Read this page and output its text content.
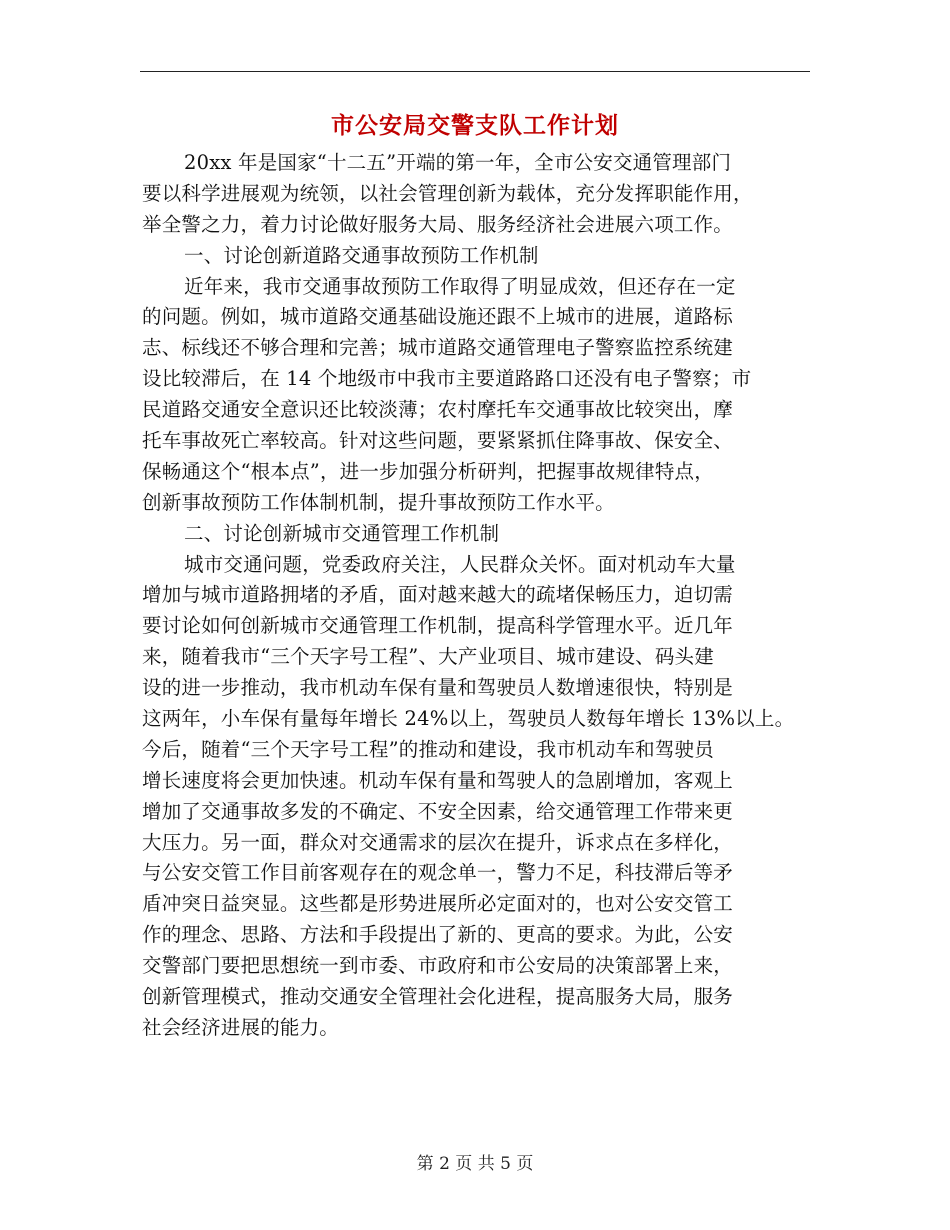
市公安局交警支队工作计划
20xx 年是国家“十二五”开端的第一年，全市公安交通管理部门
要以科学进展观为统领，以社会管理创新为载体，充分发挥职能作用，
举全警之力，着力讨论做好服务大局、服务经济社会进展六项工作。
一、讨论创新道路交通事故预防工作机制
近年来，我市交通事故预防工作取得了明显成效，但还存在一定
的问题。例如，城市道路交通基础设施还跟不上城市的进展，道路标
志、标线还不够合理和完善；城市道路交通管理电子警察监控系统建
设比较滞后，在 14 个地级市中我市主要道路路口还没有电子警察；市
民道路交通安全意识还比较淡薄；农村摩托车交通事故比较突出，摩
托车事故死亡率较高。针对这些问题，要紧紧抓住降事故、保安全、
保畅通这个“根本点”，进一步加强分析研判，把握事故规律特点，
创新事故预防工作体制机制，提升事故预防工作水平。
二、讨论创新城市交通管理工作机制
城市交通问题，党委政府关注，人民群众关怀。面对机动车大量
增加与城市道路拥堵的矛盾，面对越来越大的疏堵保畅压力，迫切需
要讨论如何创新城市交通管理工作机制，提高科学管理水平。近几年
来，随着我市“三个天字号工程”、大产业项目、城市建设、码头建
设的进一步推动，我市机动车保有量和驾驶员人数增速很快，特别是
这两年，小车保有量每年增长 24%以上，驾驶员人数每年增长 13%以上。
今后，随着“三个天字号工程”的推动和建设，我市机动车和驾驶员
增长速度将会更加快速。机动车保有量和驾驶人的急剧增加，客观上
增加了交通事故多发的不确定、不安全因素，给交通管理工作带来更
大压力。另一面，群众对交通需求的层次在提升，诉求点在多样化，
与公安交管工作目前客观存在的观念单一，警力不足，科技滞后等矛
盾冲突日益突显。这些都是形势进展所必定面对的，也对公安交管工
作的理念、思路、方法和手段提出了新的、更高的要求。为此，公安
交警部门要把思想统一到市委、市政府和市公安局的决策部署上来，
创新管理模式，推动交通安全管理社会化进程，提高服务大局，服务
社会经济进展的能力。
第 2 页 共 5 页
